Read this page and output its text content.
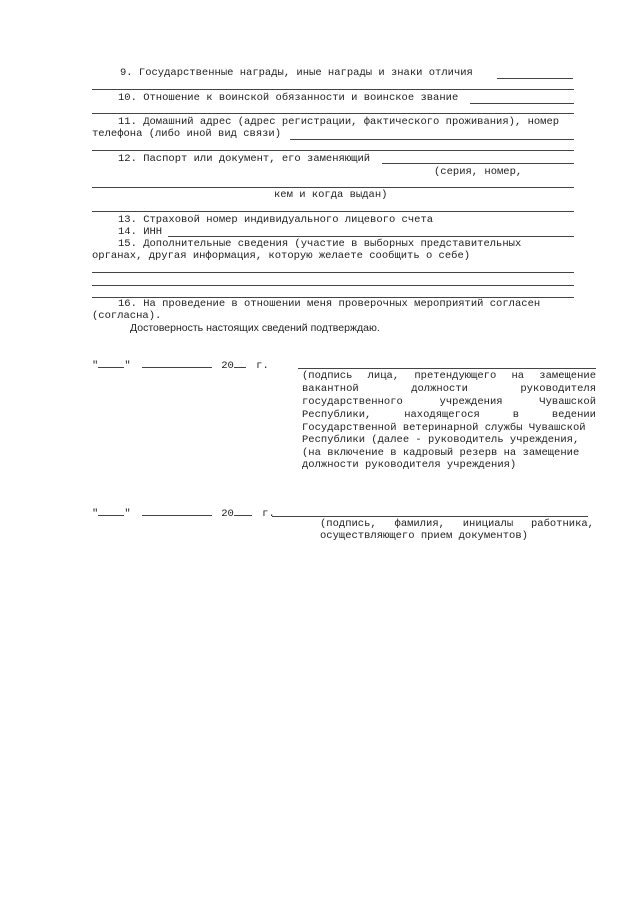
9. Государственные награды, иные награды и знаки отличия
10. Отношение к воинской обязанности и воинское звание
11. Домашний адрес (адрес регистрации, фактического проживания), номер
телефона (либо иной вид связи)
12. Паспорт или документ, его заменяющий
(серия, номер,
кем и когда выдан)
13. Страховой номер индивидуального лицевого счета
14. ИНН
15. Дополнительные сведения (участие в выборных представительных
органах, другая информация, которую желаете сообщить о себе)
16. На проведение в отношении меня проверочных мероприятий согласен
(согласна).
Достоверность настоящих сведений подтверждаю.
" "	20 г.
(подпись лица, претендующего на замещение
вакантной должности руководителя
государственного учреждения Чувашской
Республики, находящегося в ведении
Государственной ветеринарной службы Чувашской
Республики (далее - руководитель учреждения,
(на включение в кадровый резерв на замещение
должности руководителя учреждения)
" "	20	г.
(подпись, фамилия, инициалы работника,
осуществляющего прием документов)
